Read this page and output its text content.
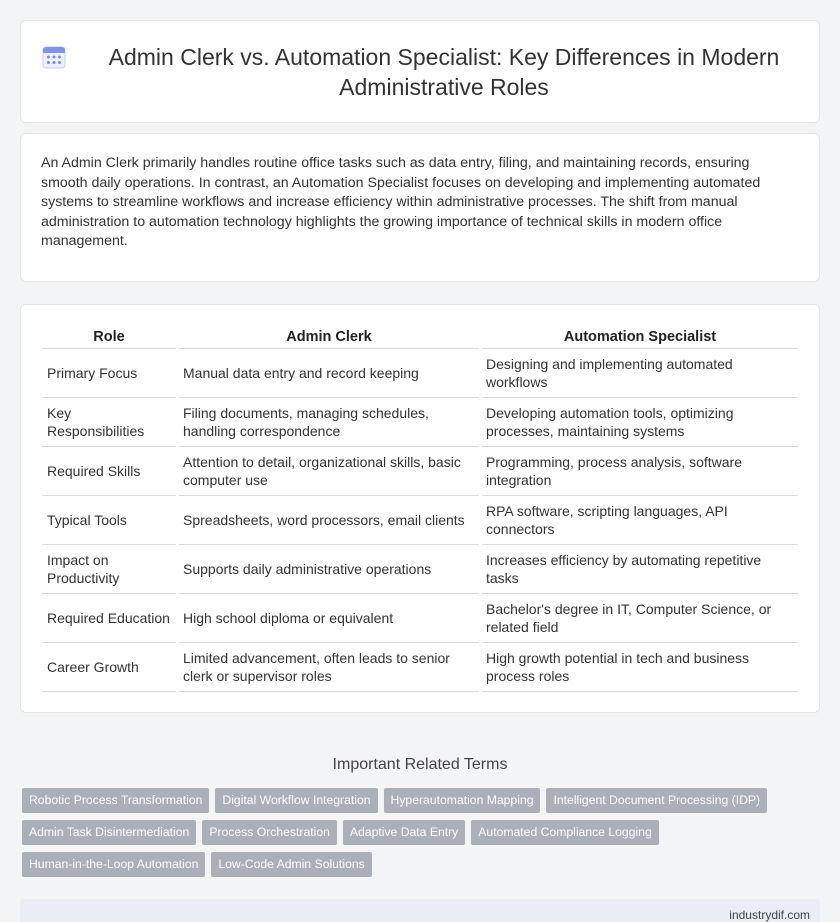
Admin Clerk vs. Automation Specialist: Key Differences in Modern Administrative Roles

An Admin Clerk primarily handles routine office tasks such as data entry, filing, and maintaining records, ensuring smooth daily operations. In contrast, an Automation Specialist focuses on developing and implementing automated systems to streamline workflows and increase efficiency within administrative processes. The shift from manual administration to automation technology highlights the growing importance of technical skills in modern office management.

Role	Admin Clerk	Automation Specialist
Primary Focus	Manual data entry and record keeping	Designing and implementing automated workflows
Key Responsibilities	Filing documents, managing schedules, handling correspondence	Developing automation tools, optimizing processes, maintaining systems
Required Skills	Attention to detail, organizational skills, basic computer use	Programming, process analysis, software integration
Typical Tools	Spreadsheets, word processors, email clients	RPA software, scripting languages, API connectors
Impact on Productivity	Supports daily administrative operations	Increases efficiency by automating repetitive tasks
Required Education	High school diploma or equivalent	Bachelor's degree in IT, Computer Science, or related field
Career Growth	Limited advancement, often leads to senior clerk or supervisor roles	High growth potential in tech and business process roles
Important Related Terms
Robotic Process Transformation	Digital Workflow Integration	Hyperautomation Mapping	Intelligent Document Processing (IDP)
Admin Task Disintermediation	Process Orchestration	Adaptive Data Entry	Automated Compliance Logging
Human-in-the-Loop Automation	Low-Code Admin Solutions
industrydif.com
